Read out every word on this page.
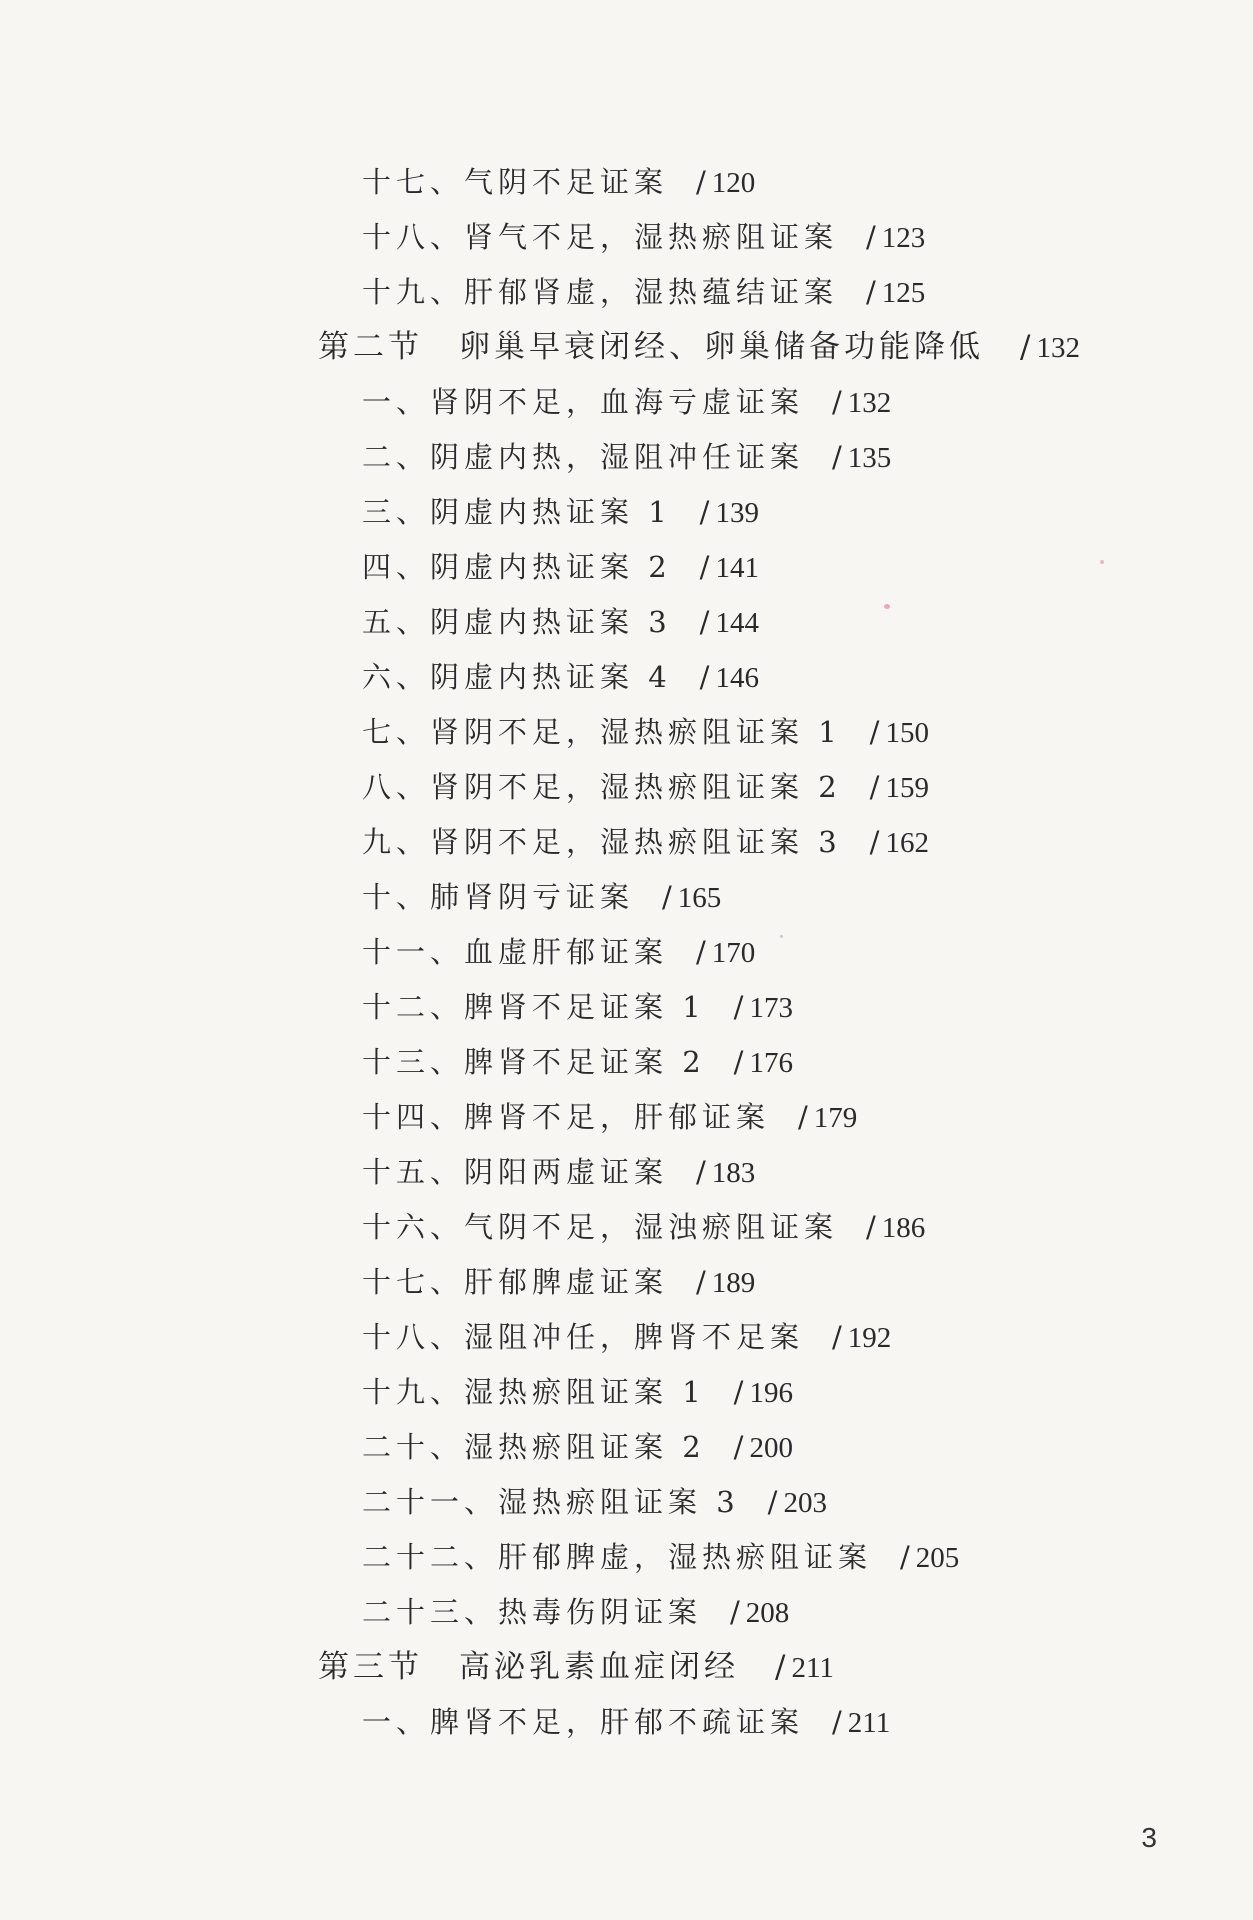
十七、气阴不足证案 / 120
十八、肾气不足，湿热瘀阻证案 / 123
十九、肝郁肾虚，湿热蕴结证案 / 125
第二节 卵巢早衰闭经、卵巢储备功能降低 / 132
一、肾阴不足，血海亏虚证案 / 132
二、阴虚内热，湿阻冲任证案 / 135
三、阴虚内热证案 1 / 139
四、阴虚内热证案 2 / 141
五、阴虚内热证案 3 / 144
六、阴虚内热证案 4 / 146
七、肾阴不足，湿热瘀阻证案 1 / 150
八、肾阴不足，湿热瘀阻证案 2 / 159
九、肾阴不足，湿热瘀阻证案 3 / 162
十、肺肾阴亏证案 / 165
十一、血虚肝郁证案 / 170
十二、脾肾不足证案 1 / 173
十三、脾肾不足证案 2 / 176
十四、脾肾不足，肝郁证案 / 179
十五、阴阳两虚证案 / 183
十六、气阴不足，湿浊瘀阻证案 / 186
十七、肝郁脾虚证案 / 189
十八、湿阻冲任，脾肾不足案 / 192
十九、湿热瘀阻证案 1 / 196
二十、湿热瘀阻证案 2 / 200
二十一、湿热瘀阻证案 3 / 203
二十二、肝郁脾虚，湿热瘀阻证案 / 205
二十三、热毒伤阴证案 / 208
第三节 高泌乳素血症闭经 / 211
一、脾肾不足，肝郁不疏证案 / 211
3
